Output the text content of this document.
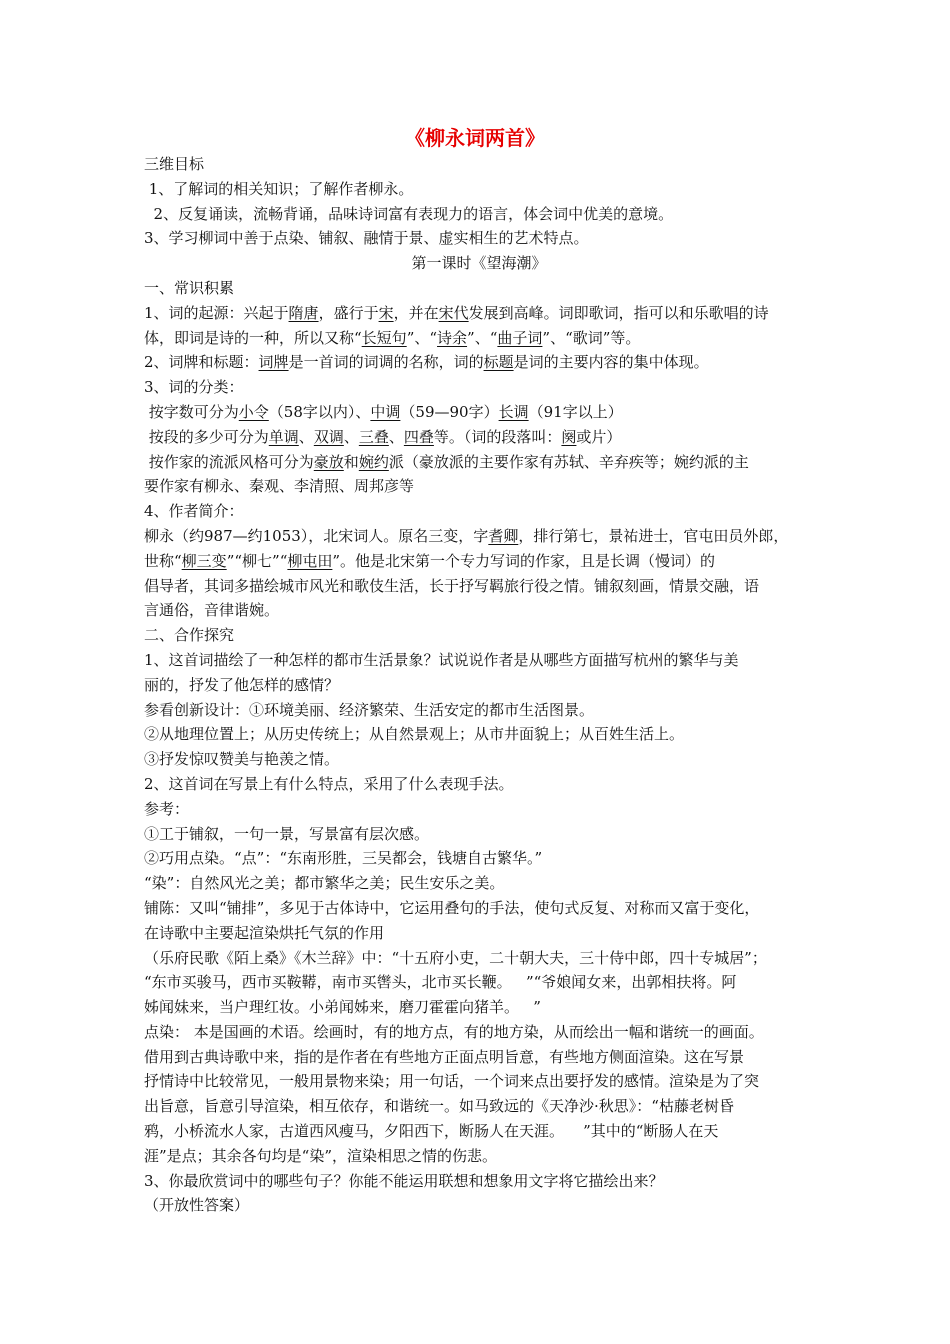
《柳永词两首》
三维目标
1、了解词的相关知识；了解作者柳永。
2、反复诵读，流畅背诵，品味诗词富有表现力的语言，体会词中优美的意境。
3、学习柳词中善于点染、铺叙、融情于景、虚实相生的艺术特点。
第一课时《望海潮》
一、常识积累
1、词的起源：兴起于隋唐，盛行于宋，并在宋代发展到高峰。词即歌词，指可以和乐歌唱的诗
体，即词是诗的一种，所以又称“长短句”、“诗余”、“曲子词”、“歌词”等。
2、词牌和标题：词牌是一首词的词调的名称，词的标题是词的主要内容的集中体现。
3、词的分类：
按字数可分为小令（58字以内）、中调（59—90字）长调（91字以上）
按段的多少可分为单调、双调、三叠、四叠等。（词的段落叫：阕或片）
按作家的流派风格可分为豪放和婉约派（豪放派的主要作家有苏轼、辛弃疾等；婉约派的主
要作家有柳永、秦观、李清照、周邦彦等
4、作者简介：
柳永（约987—约1053），北宋词人。原名三变，字耆卿，排行第七，景祐进士，官屯田员外郎，
世称“柳三变”“柳七”“柳屯田”。他是北宋第一个专力写词的作家，且是长调（慢词）的
倡导者，其词多描绘城市风光和歌伎生活，长于抒写羁旅行役之情。铺叙刻画，情景交融，语
言通俗，音律谐婉。
二、合作探究
1、这首词描绘了一种怎样的都市生活景象？试说说作者是从哪些方面描写杭州的繁华与美
丽的，抒发了他怎样的感情？
参看创新设计：①环境美丽、经济繁荣、生活安定的都市生活图景。
②从地理位置上；从历史传统上；从自然景观上；从市井面貌上；从百姓生活上。
③抒发惊叹赞美与艳羡之情。
2、这首词在写景上有什么特点，采用了什么表现手法。
参考：
①工于铺叙，一句一景，写景富有层次感。
②巧用点染。“点”：“东南形胜，三吴都会，钱塘自古繁华。”
“染”：自然风光之美；都市繁华之美；民生安乐之美。
铺陈：又叫“铺排”，多见于古体诗中，它运用叠句的手法，使句式反复、对称而又富于变化，
在诗歌中主要起渲染烘托气氛的作用
（乐府民歌《陌上桑》《木兰辞》中：“十五府小吏，二十朝大夫，三十侍中郎，四十专城居”；
“东市买骏马，西市买鞍鞯，南市买辔头，北市买长鞭。   ”“爷娘闻女来，出郭相扶将。阿
姊闻妹来，当户理红妆。小弟闻姊来，磨刀霍霍向猪羊。   ”
点染： 本是国画的术语。绘画时，有的地方点，有的地方染，从而绘出一幅和谐统一的画面。
借用到古典诗歌中来，指的是作者在有些地方正面点明旨意，有些地方侧面渲染。这在写景
抒情诗中比较常见，一般用景物来染；用一句话，一个词来点出要抒发的感情。渲染是为了突
出旨意，旨意引导渲染，相互依存，和谐统一。如马致远的《天净沙·秋思》：“枯藤老树昏
鸦，小桥流水人家，古道西风瘦马，夕阳西下，断肠人在天涯。    ”其中的“断肠人在天
涯”是点；其余各句均是“染”，渲染相思之情的伤悲。
3、你最欣赏词中的哪些句子？你能不能运用联想和想象用文字将它描绘出来？
（开放性答案）
